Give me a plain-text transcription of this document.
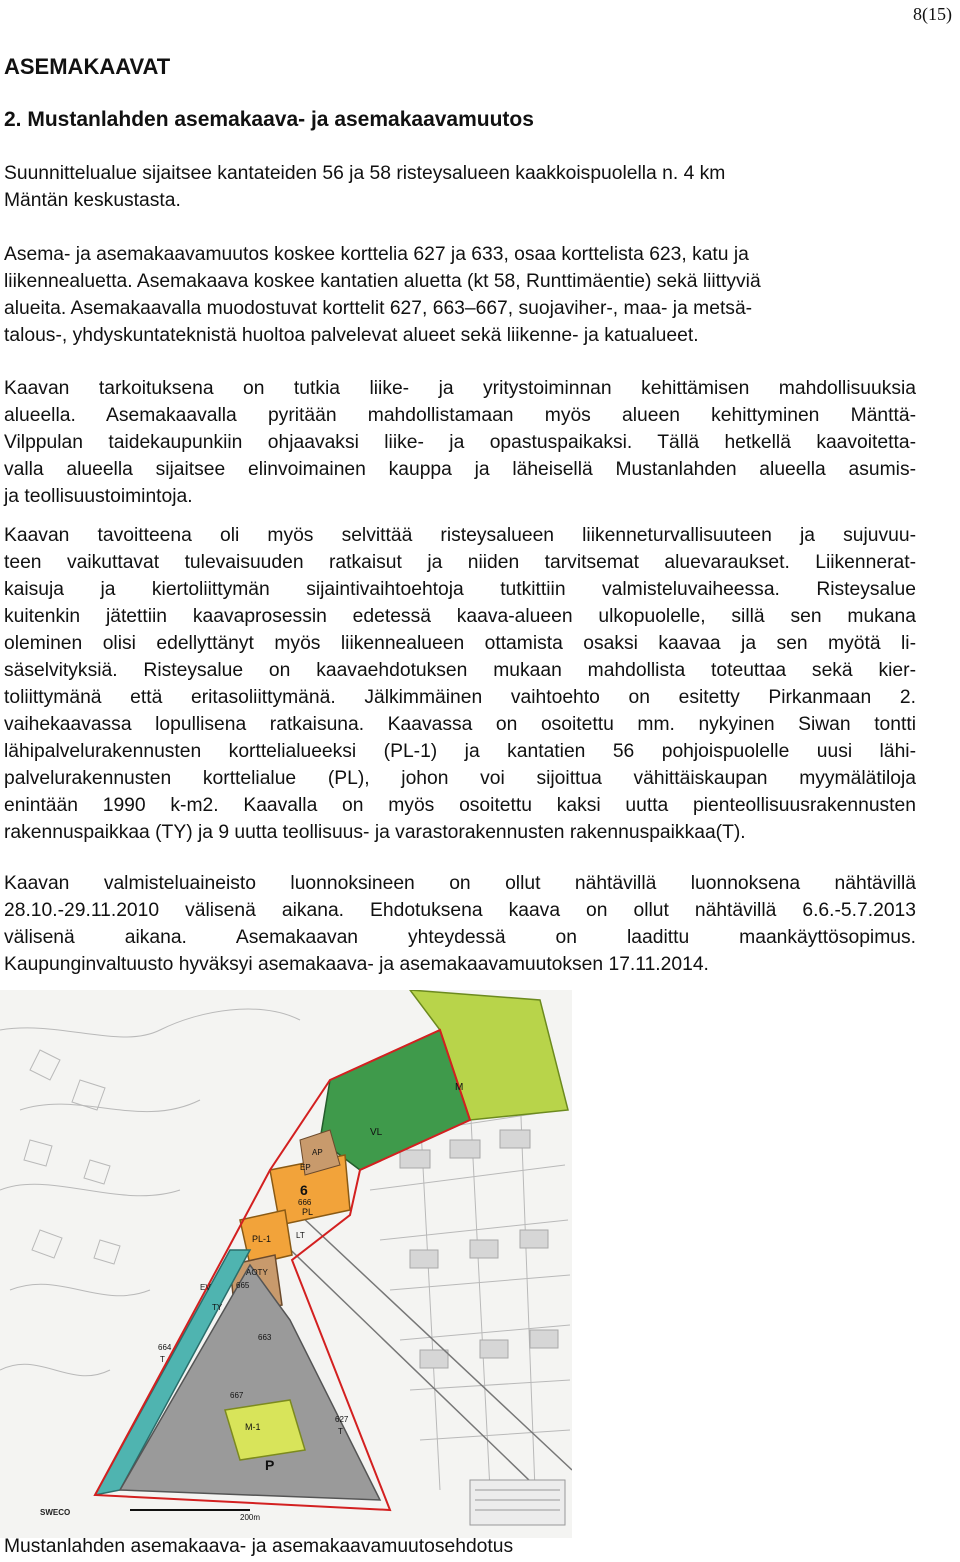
8(15)
ASEMAKAAVAT
2. Mustanlahden asemakaava- ja asemakaavamuutos
Suunnittelualue sijaitsee kantateiden 56 ja 58 risteysalueen kaakkoispuolella n. 4 km
Mäntän keskustasta.
Asema- ja asemakaavamuutos koskee korttelia 627 ja 633, osaa korttelista 623, katu ja
liikennealuetta. Asemakaava koskee kantatien aluetta (kt 58, Runttimäentie) sekä liittyviä
alueita. Asemakaavalla muodostuvat korttelit 627, 663–667, suojaviher-, maa- ja metsä-
talous-, yhdyskuntateknistä huoltoa palvelevat alueet sekä liikenne- ja katualueet.
Kaavan tarkoituksena on tutkia liike- ja yritystoiminnan kehittämisen mahdollisuuksia
alueella. Asemakaavalla pyritään mahdollistamaan myös alueen kehittyminen Mänttä-
Vilppulan taidekaupunkiin ohjaavaksi liike- ja opastuspaikaksi. Tällä hetkellä kaavoitetta-
valla alueella sijaitsee elinvoimainen kauppa ja läheisellä Mustanlahden alueella asumis-
ja teollisuustoimintoja.
Kaavan tavoitteena oli myös selvittää risteysalueen liikenneturvallisuuteen ja sujuvuu-
teen vaikuttavat tulevaisuuden ratkaisut ja niiden tarvitsemat aluevaraukset. Liikennerat-
kaisuja ja kiertoliittymän sijaintivaihtoehtoja tutkittiin valmisteluvaiheessa. Risteysalue
kuitenkin jätettiin kaavaprosessin edetessä kaava-alueen ulkopuolelle, sillä sen mukana
oleminen olisi edellyttänyt myös liikennealueen ottamista osaksi kaavaa ja sen myötä li-
säselvityksiä. Risteysalue on kaavaehdotuksen mukaan mahdollista toteuttaa sekä kier-
toliittymänä että eritasoliittymänä. Jälkimmäinen vaihtoehto on esitetty Pirkanmaan 2.
vaihekaavassa lopullisena ratkaisuna. Kaavassa on osoitettu mm. nykyinen Siwan tontti
lähipalvelurakennusten korttelialueeksi (PL-1) ja kantatien 56 pohjoispuolelle uusi lähi-
palvelurakennusten korttelialue (PL), johon voi sijoittua vähittäiskaupan myymälätiloja
enintään 1990 k-m2. Kaavalla on myös osoitettu kaksi uutta pienteollisuusrakennusten
rakennuspaikkaa (TY) ja 9 uutta teollisuus- ja varastorakennusten rakennuspaikkaa(T).
Kaavan valmisteluaineisto luonnoksineen on ollut nähtävillä luonnoksena nähtävillä
28.10.-29.11.2010 välisenä aikana. Ehdotuksena kaava on ollut nähtävillä 6.6.-5.7.2013
välisenä aikana. Asemakaavan yhteydessä on laadittu maankäyttösopimus.
Kaupunginvaltuusto hyväksyi asemakaava- ja asemakaavamuutoksen 17.11.2014.
VL
M
AP
EP
6
666
PL
PL-1	LT
AOTY
665
EV
TY
664
T
663
667
M-1
627
T
P
SWECO
200m
Mustanlahden asemakaava- ja asemakaavamuutosehdotus
